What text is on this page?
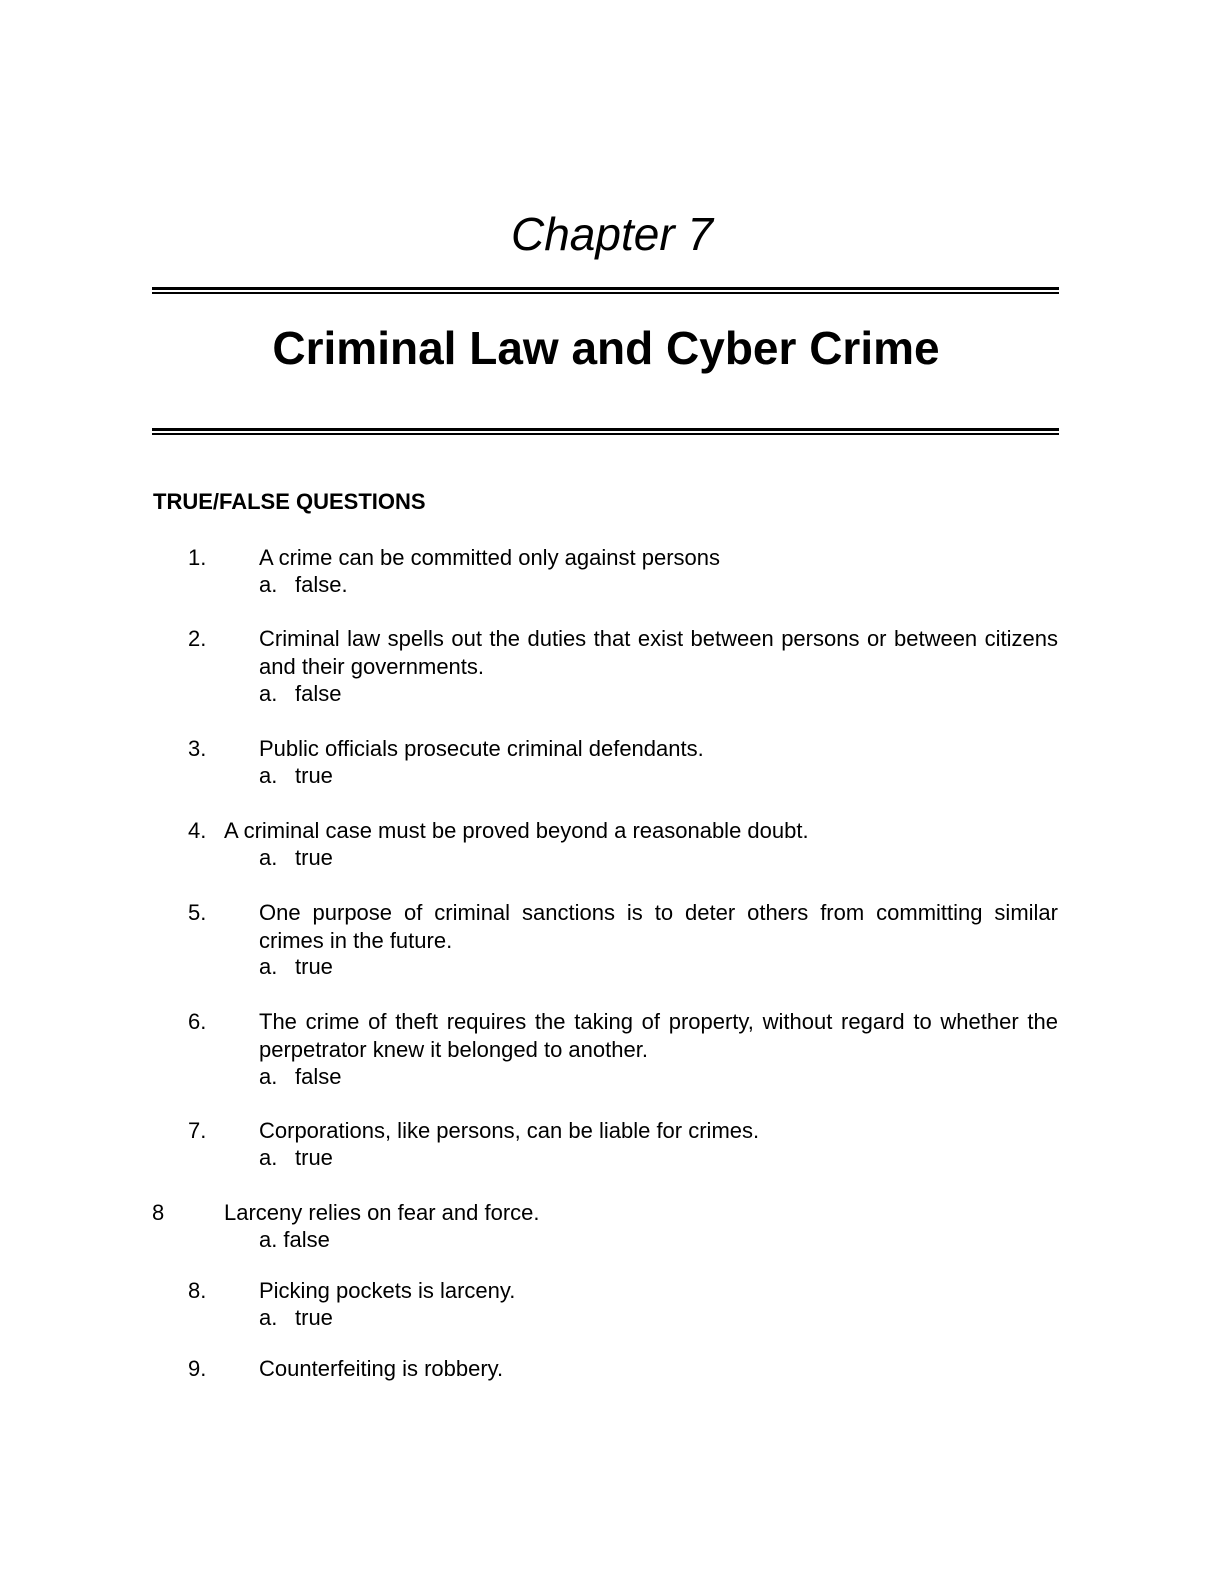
Chapter 7
Criminal Law and Cyber Crime
TRUE/FALSE QUESTIONS
1. A crime can be committed only against persons
a. false.
2. Criminal law spells out the duties that exist between persons or between citizens and their governments.
a. false
3. Public officials prosecute criminal defendants.
a. true
4. A criminal case must be proved beyond a reasonable doubt.
a. true
5. One purpose of criminal sanctions is to deter others from committing similar crimes in the future.
a. true
6. The crime of theft requires the taking of property, without regard to whether the perpetrator knew it belonged to another.
a. false
7. Corporations, like persons, can be liable for crimes.
a. true
8	Larceny relies on fear and force.
a. false
8. Picking pockets is larceny.
a. true
9. Counterfeiting is robbery.
